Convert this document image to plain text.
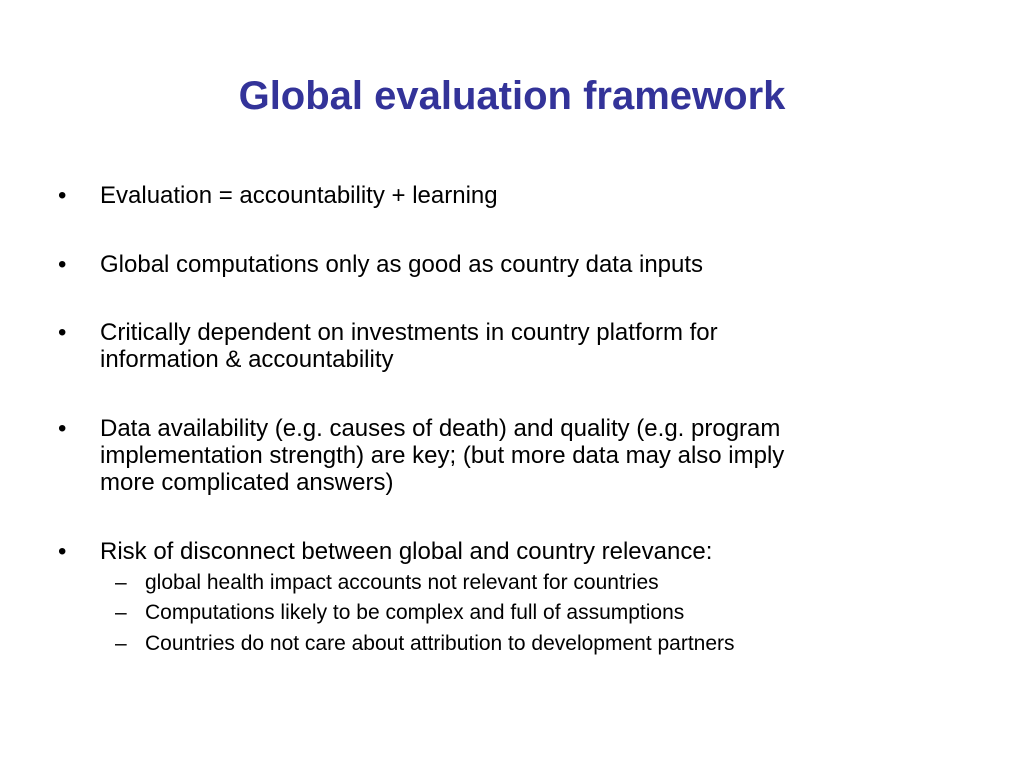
Global evaluation framework
•	Evaluation = accountability + learning
•	Global computations only as good as country data inputs
•	Critically dependent on investments in country platform for
information & accountability
•	Data availability (e.g. causes of death) and quality (e.g. program
implementation strength) are key; (but more data may also imply
more complicated answers)
•	Risk of disconnect between global and country relevance:
– global health impact accounts not relevant for countries
– Computations likely to be complex and full of assumptions
– Countries do not care about attribution to development partners
